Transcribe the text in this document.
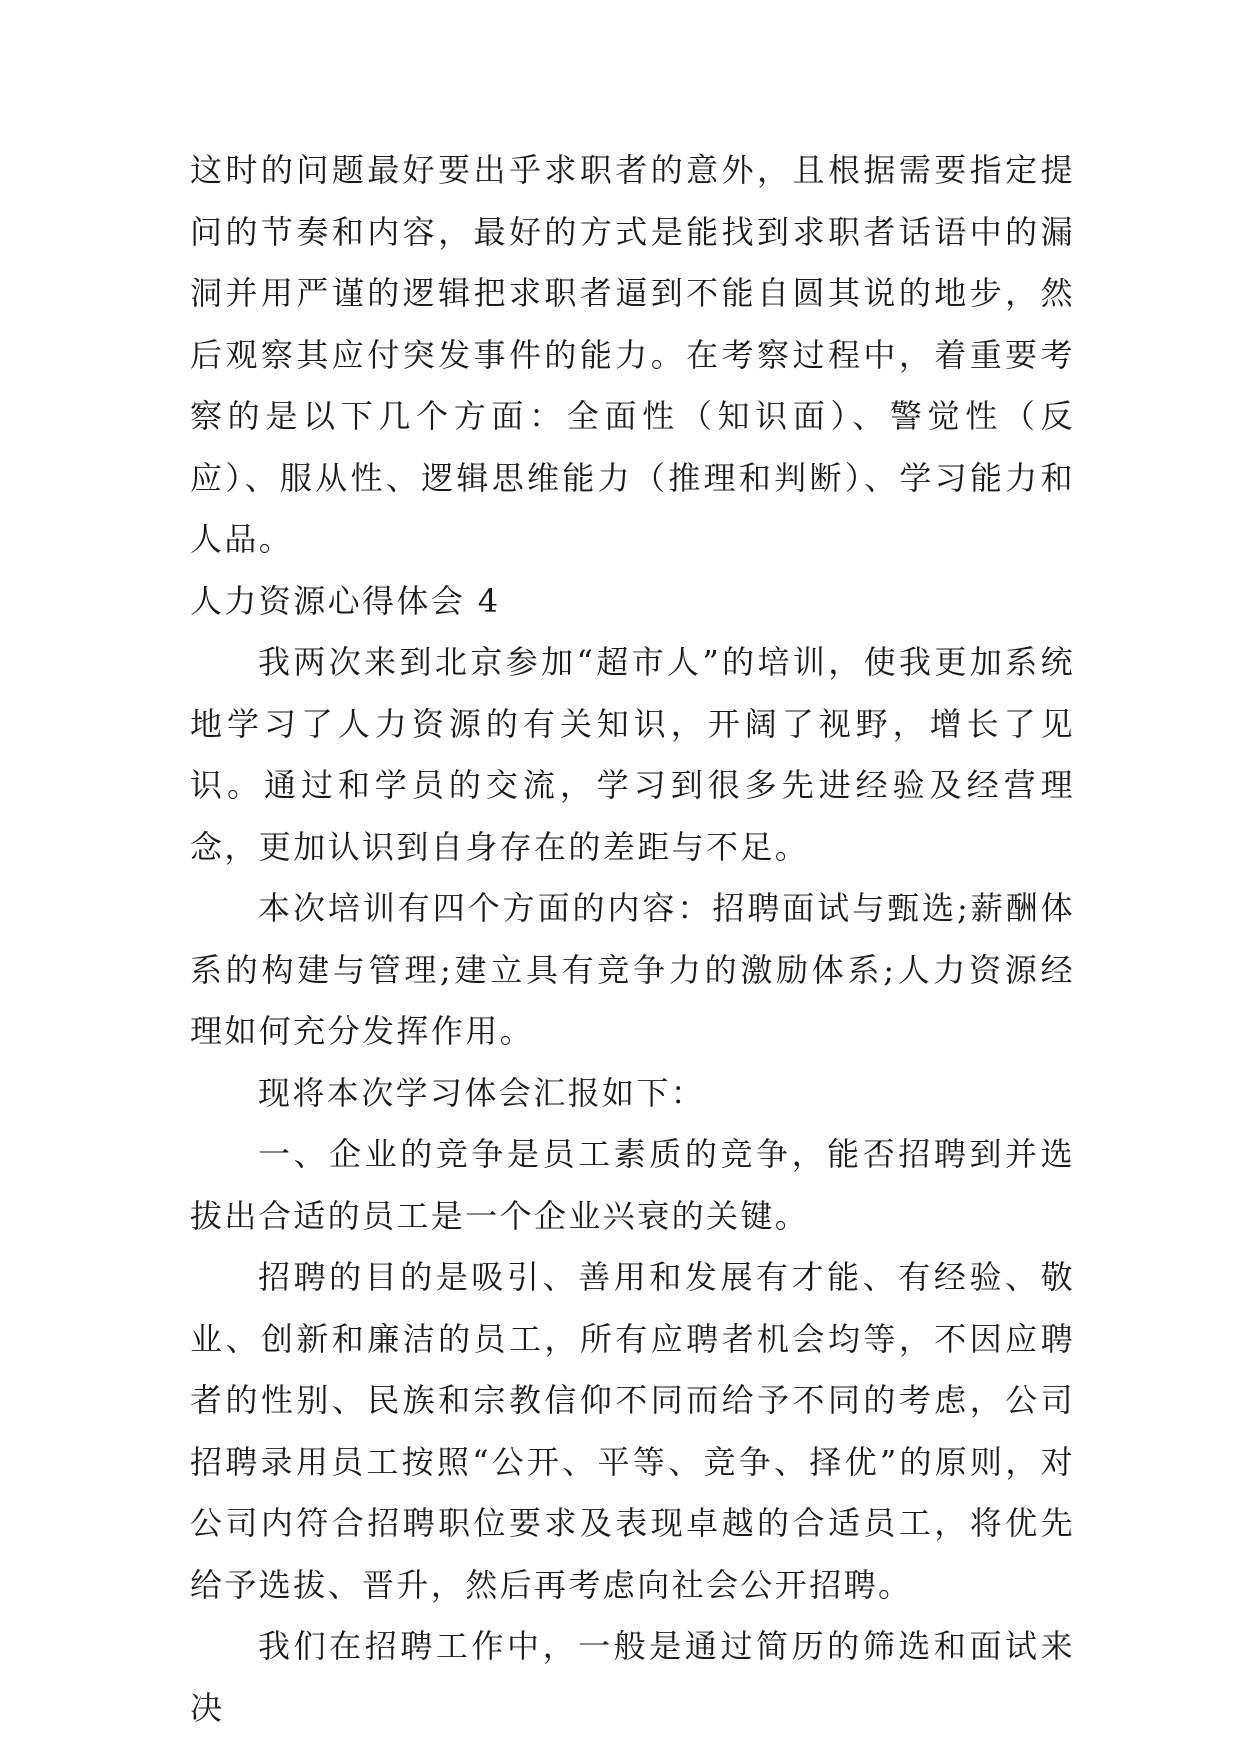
这时的问题最好要出乎求职者的意外，且根据需要指定提问的节奏和内容，最好的方式是能找到求职者话语中的漏洞并用严谨的逻辑把求职者逼到不能自圆其说的地步，然后观察其应付突发事件的能力。在考察过程中，着重要考察的是以下几个方面：全面性（知识面）、警觉性（反应）、服从性、逻辑思维能力（推理和判断）、学习能力和人品。

人力资源心得体会 4

我两次来到北京参加“超市人”的培训，使我更加系统地学习了人力资源的有关知识，开阔了视野，增长了见识。通过和学员的交流，学习到很多先进经验及经营理念，更加认识到自身存在的差距与不足。

本次培训有四个方面的内容：招聘面试与甄选;薪酬体系的构建与管理;建立具有竞争力的激励体系;人力资源经理如何充分发挥作用。

现将本次学习体会汇报如下：

一、企业的竞争是员工素质的竞争，能否招聘到并选拔出合适的员工是一个企业兴衰的关键。

招聘的目的是吸引、善用和发展有才能、有经验、敬业、创新和廉洁的员工，所有应聘者机会均等，不因应聘者的性别、民族和宗教信仰不同而给予不同的考虑，公司招聘录用员工按照“公开、平等、竞争、择优”的原则，对公司内符合招聘职位要求及表现卓越的合适员工，将优先给予选拔、晋升，然后再考虑向社会公开招聘。

我们在招聘工作中，一般是通过简历的筛选和面试来决
